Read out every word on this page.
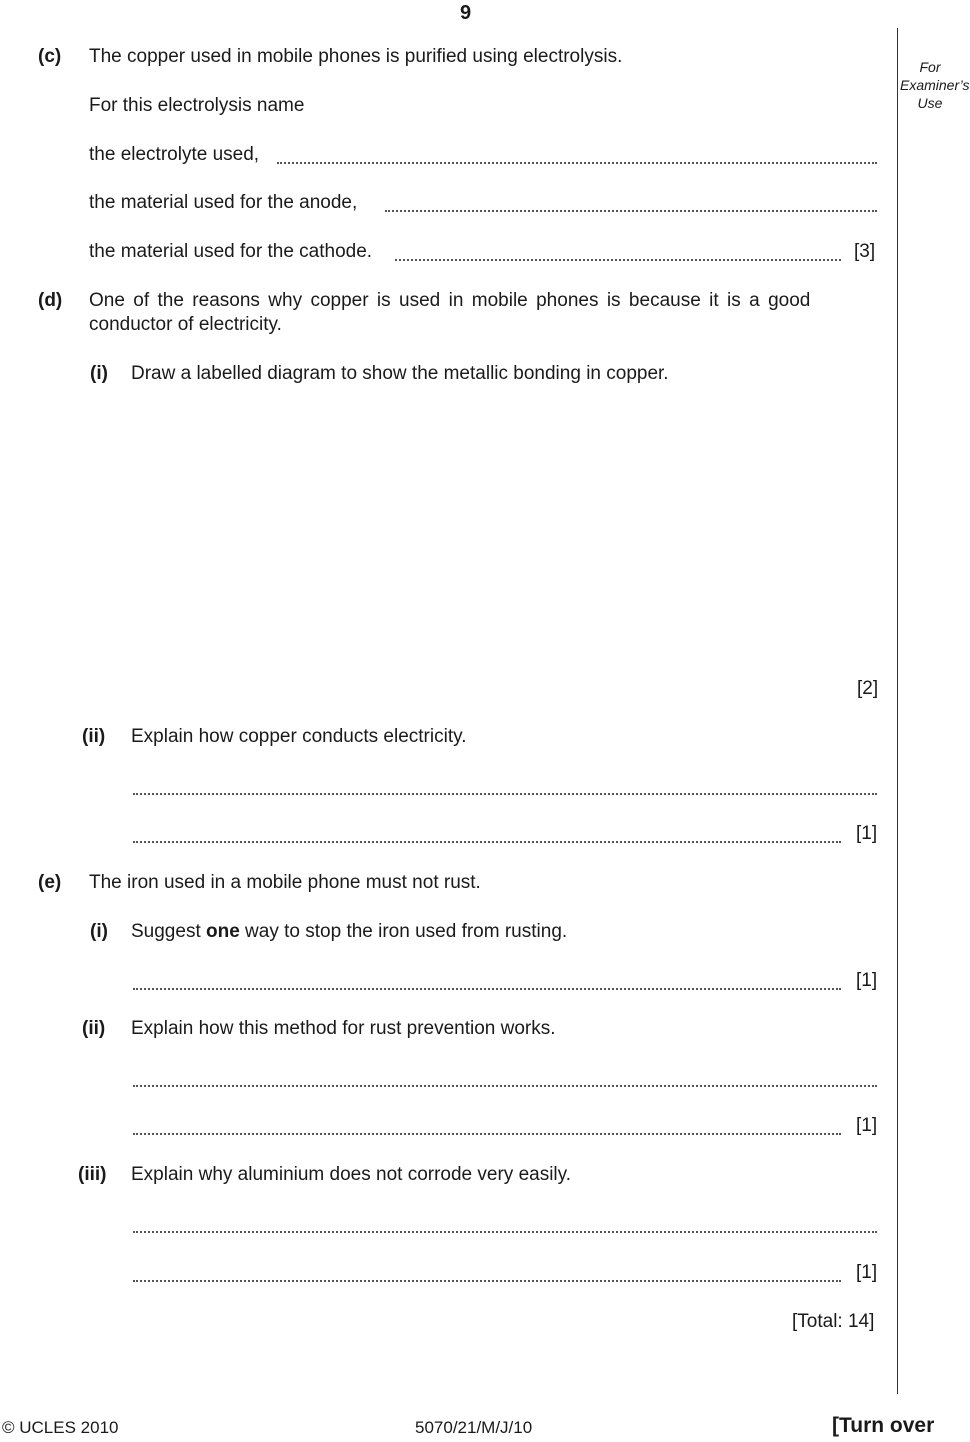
9
For
Examiner’s
Use
(c) The copper used in mobile phones is purified using electrolysis.
For this electrolysis name
the electrolyte used,
the material used for the anode,
the material used for the cathode.	[3]
(d) One of the reasons why copper is used in mobile phones is because it is a good
conductor of electricity.
(i) Draw a labelled diagram to show the metallic bonding in copper.
[2]
(ii) Explain how copper conducts electricity.
[1]
(e) The iron used in a mobile phone must not rust.
(i) Suggest one way to stop the iron used from rusting.
[1]
(ii) Explain how this method for rust prevention works.
[1]
(iii) Explain why aluminium does not corrode very easily.
[1]
[Total: 14]
© UCLES 2010	5070/21/M/J/10	[Turn over
